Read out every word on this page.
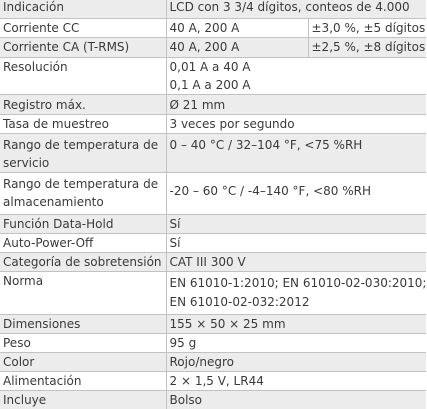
Indicación	LCD con 3 3/4 dígitos, conteos de 4.000	
Corriente CC	40 A, 200 A	±3,0 %, ±5 dígitos
Corriente CA (T-RMS)	40 A, 200 A	±2,5 %, ±8 dígitos
Resolución	0,01 A a 40 A
0,1 A a 200 A	

Registro máx.	Ø 21 mm	
Tasa de muestreo	3 veces por segundo	

Rango de temperatura de
servicio	0 – 40 °C / 32–104 °F, <75 %RH	

Rango de temperatura de
almacenamiento	-20 – 60 °C / -4–140 °F, <80 %RH	
Función Data-Hold	Sí	
Auto-Power-Off	Sí	
Categoría de sobretensión	CAT III 300 V	
Norma	EN 61010-1:2010; EN 61010-02-030:2010;
EN 61010-02-032:2012	

Dimensiones	155 × 50 × 25 mm	
Peso	95 g	
Color	Rojo/negro	
Alimentación	2 × 1,5 V, LR44	
Incluye	Bolso	
